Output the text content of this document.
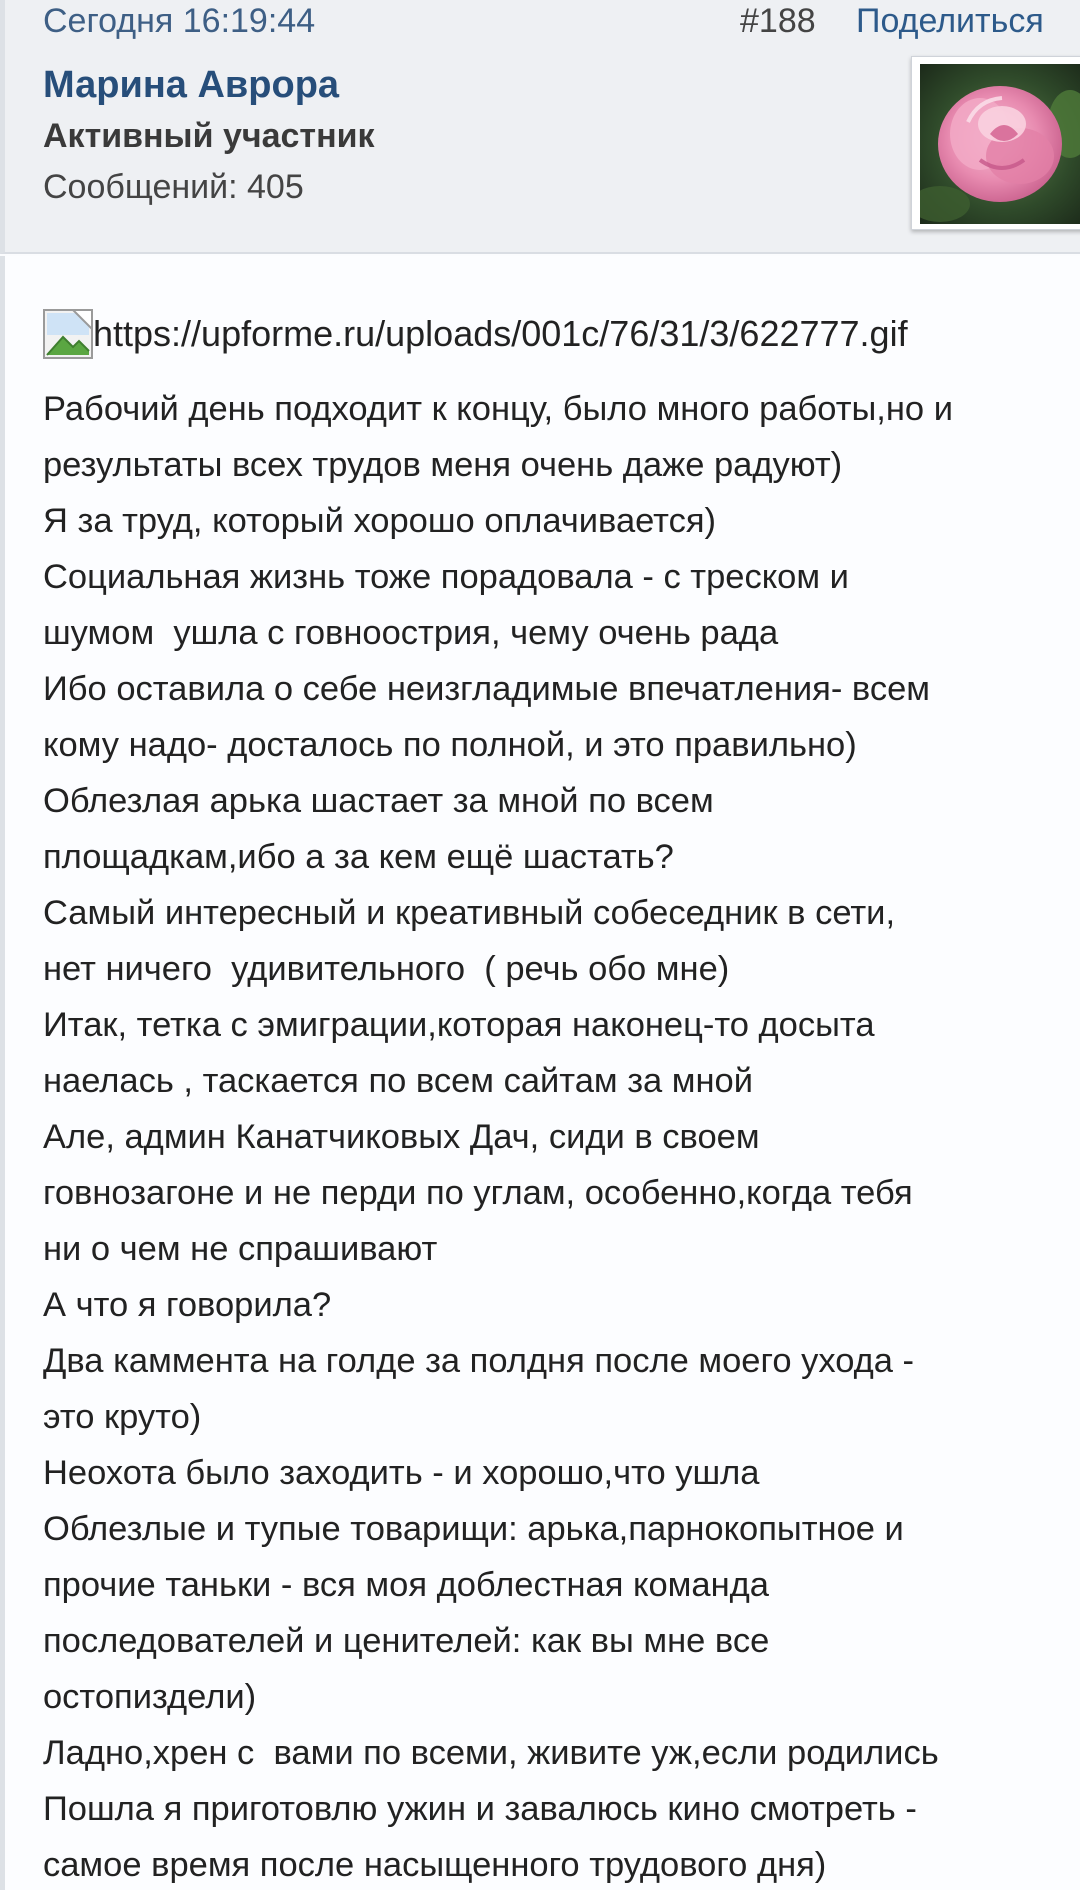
Сегодня 16:19:44	#188 Поделиться
Марина Аврора
Активный участник
Сообщений: 405
https://upforme.ru/uploads/001c/76/31/3/622777.gif
Рабочий день подходит к концу, было много работы,но и
результаты всех трудов меня очень даже радуют)
Я за труд, который хорошо оплачивается)
Социальная жизнь тоже порадовала - с треском и
шумом  ушла с говноострия, чему очень рада
Ибо оставила о себе неизгладимые впечатления- всем
кому надо- досталось по полной, и это правильно)
Облезлая арька шастает за мной по всем
площадкам,ибо а за кем ещё шастать?
Самый интересный и креативный собеседник в сети,
нет ничего  удивительного  ( речь обо мне)
Итак, тетка с эмиграции,которая наконец-то досыта
наелась , таскается по всем сайтам за мной
Але, админ Канатчиковых Дач, сиди в своем
говнозагоне и не перди по углам, особенно,когда тебя
ни о чем не спрашивают
А что я говорила?
Два каммента на голде за полдня после моего ухода -
это круто)
Неохота было заходить - и хорошо,что ушла
Облезлые и тупые товарищи: арька,парнокопытное и
прочие таньки - вся моя доблестная команда
последователей и ценителей: как вы мне все
остопиздели)
Ладно,хрен с  вами по всеми, живите уж,если родились
Пошла я приготовлю ужин и завалюсь кино смотреть -
самое время после насыщенного трудового дня)
